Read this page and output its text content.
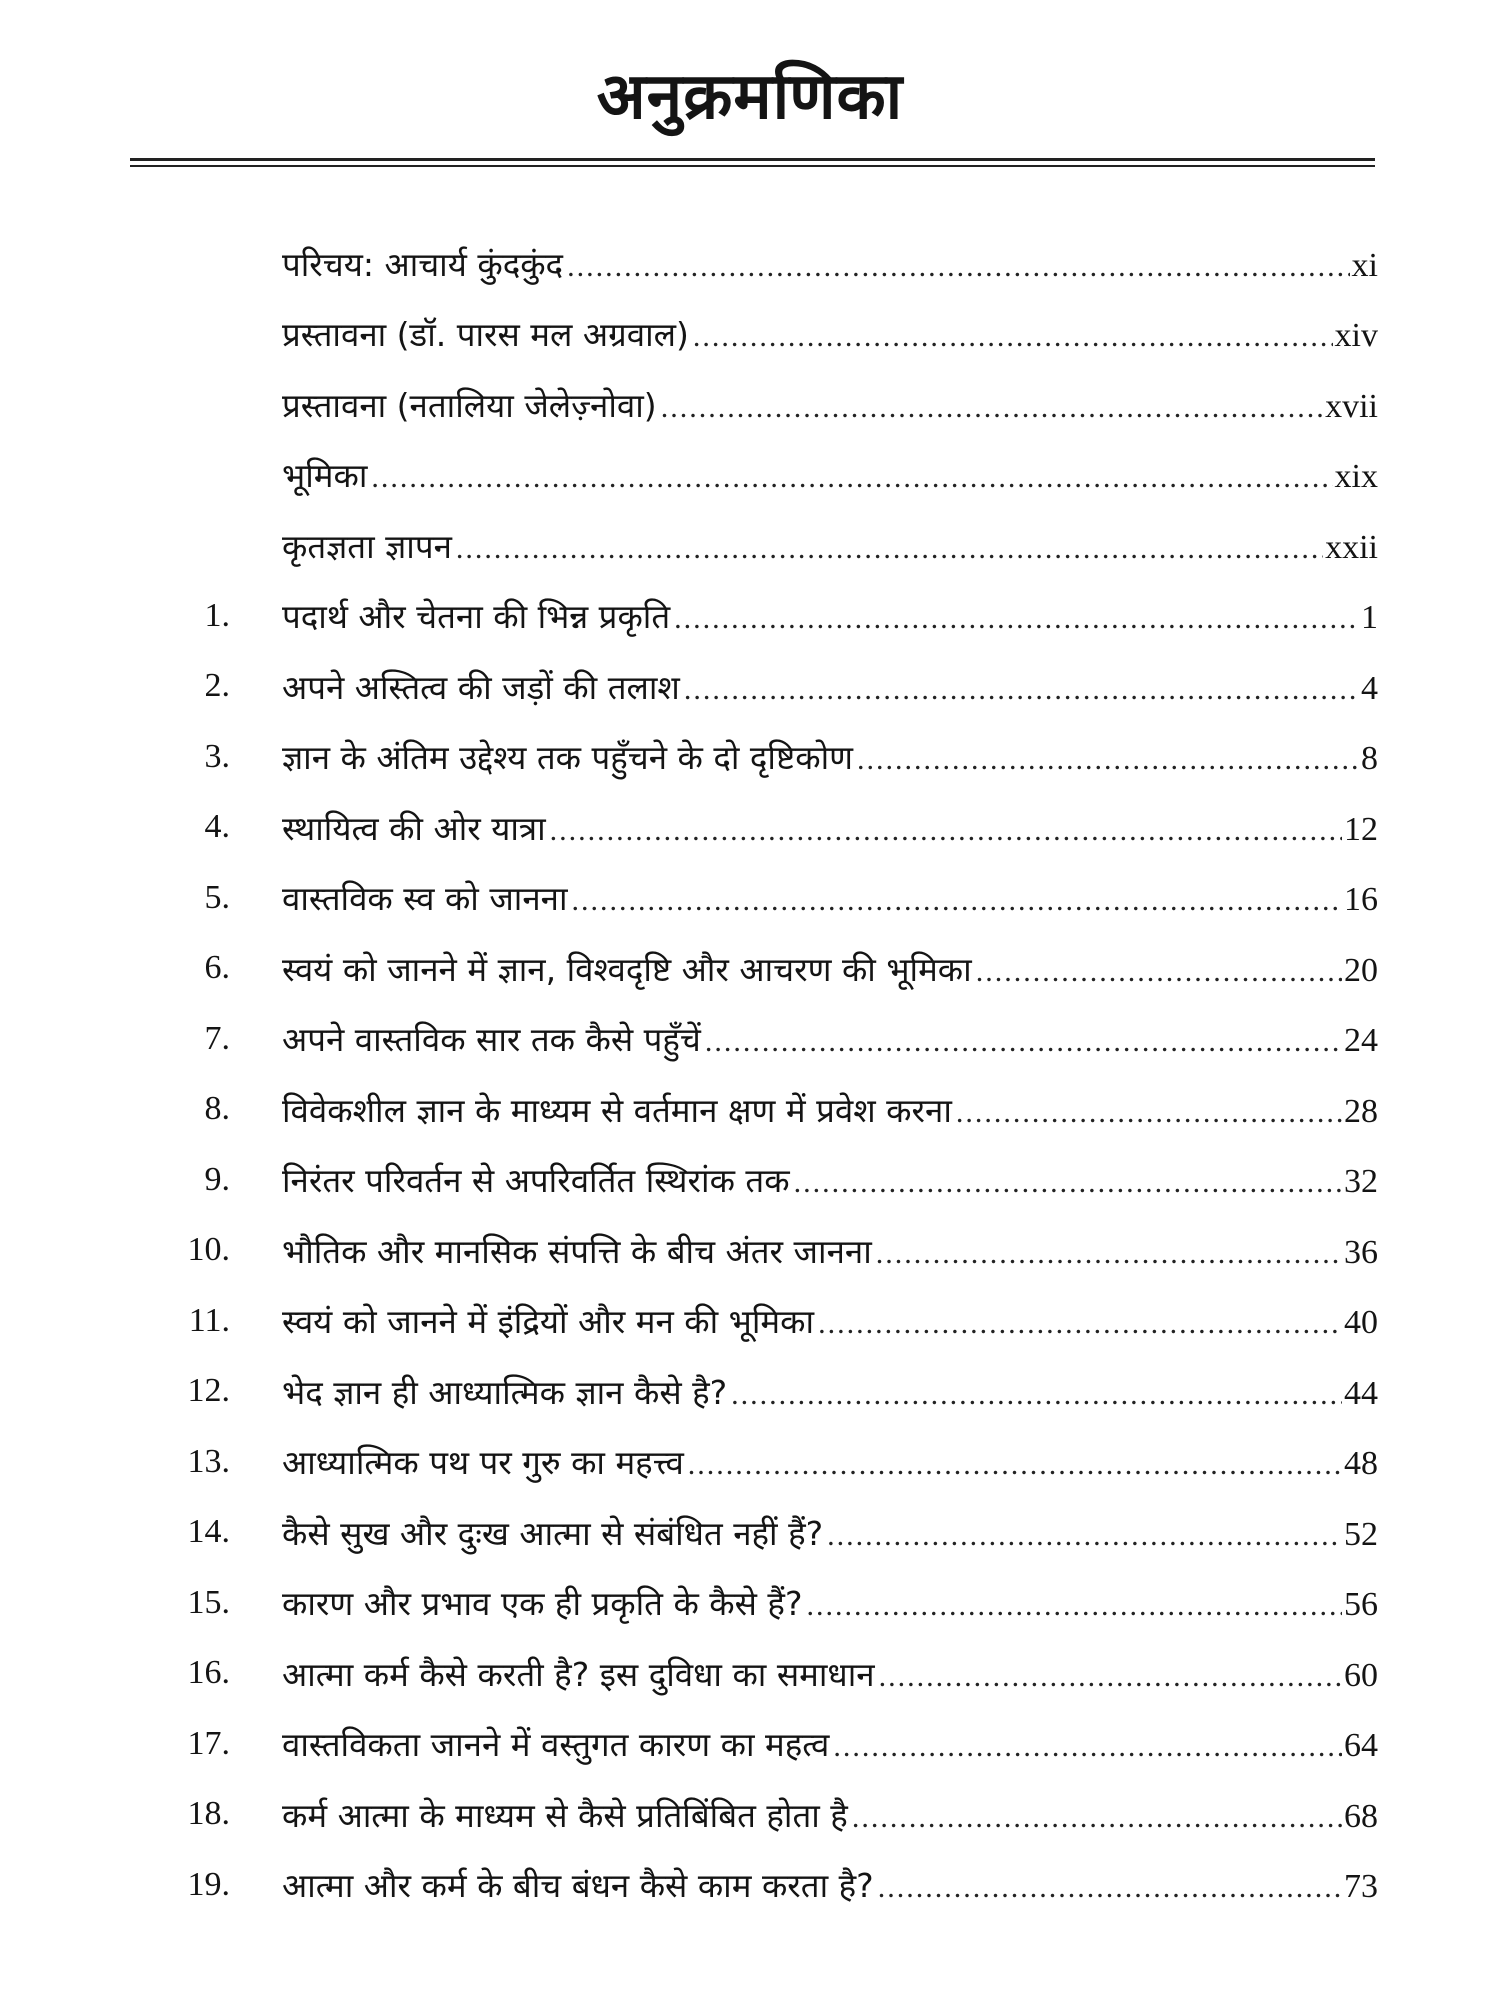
अनुक्रमणिका
परिचय: आचार्य कुंदकुंद .....	xi
प्रस्तावना (डॉ. पारस मल अग्रवाल) .....	xiv
प्रस्तावना (नतालिया जेलेज़्नोवा) .....	xvii
भूमिका .....	xix
कृतज्ञता ज्ञापन .....	xxii
1. पदार्थ और चेतना की भिन्न प्रकृति .....	1
2. अपने अस्तित्व की जड़ों की तलाश .....	4
3. ज्ञान के अंतिम उद्देश्य तक पहुँचने के दो दृष्टिकोण .....	8
4. स्थायित्व की ओर यात्रा .....	12
5. वास्तविक स्व को जानना .....	16
6. स्वयं को जानने में ज्ञान, विश्वदृष्टि और आचरण की भूमिका .....	20
7. अपने वास्तविक सार तक कैसे पहुँचें .....	24
8. विवेकशील ज्ञान के माध्यम से वर्तमान क्षण में प्रवेश करना .....	28
9. निरंतर परिवर्तन से अपरिवर्तित स्थिरांक तक .....	32
10. भौतिक और मानसिक संपत्ति के बीच अंतर जानना .....	36
11. स्वयं को जानने में इंद्रियों और मन की भूमिका .....	40
12. भेद ज्ञान ही आध्यात्मिक ज्ञान कैसे है? .....	44
13. आध्यात्मिक पथ पर गुरु का महत्त्व .....	48
14. कैसे सुख और दुःख आत्मा से संबंधित नहीं हैं? .....	52
15. कारण और प्रभाव एक ही प्रकृति के कैसे हैं? .....	56
16. आत्मा कर्म कैसे करती है? इस दुविधा का समाधान .....	60
17. वास्तविकता जानने में वस्तुगत कारण का महत्व .....	64
18. कर्म आत्मा के माध्यम से कैसे प्रतिबिंबित होता है .....	68
19. आत्मा और कर्म के बीच बंधन कैसे काम करता है? .....	73
